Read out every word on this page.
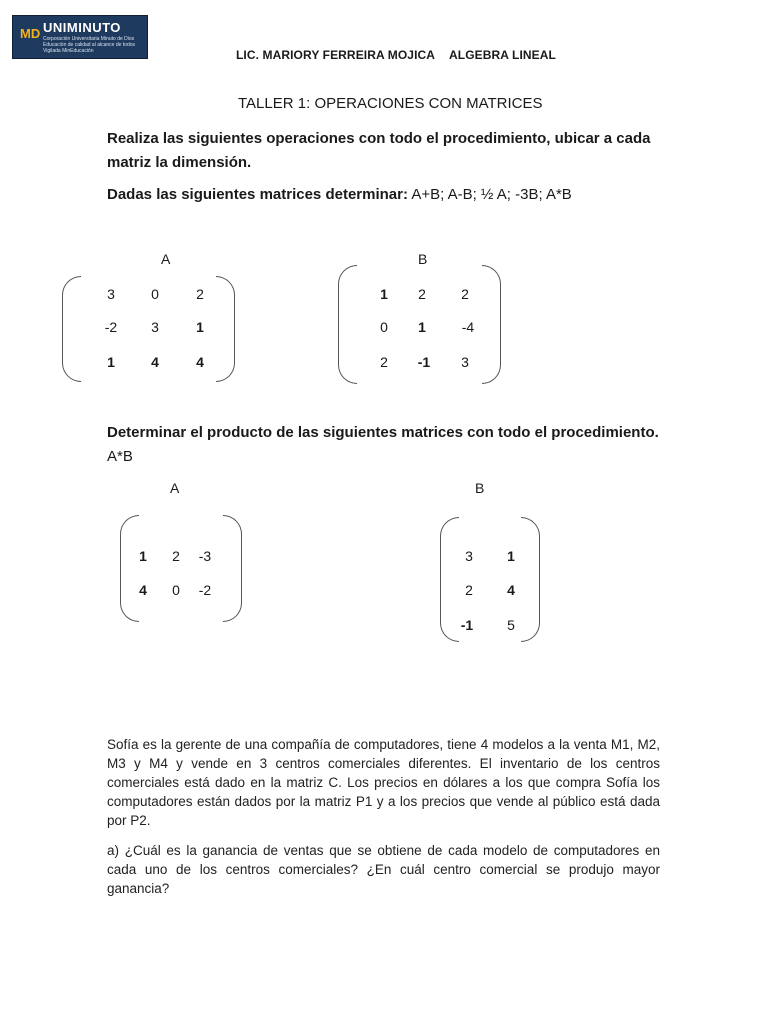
MD UNIMINUTO
Corporación Universitaria Minuto de Dios
Educación de calidad al alcance de todos
Vigilada MinEducación	LIC. MARIORY FERREIRA MOJICA ALGEBRA LINEAL
TALLER 1: OPERACIONES CON MATRICES
Realiza las siguientes operaciones con todo el procedimiento, ubicar a cada matriz la dimensión.
Dadas las siguientes matrices determinar: A+B; A-B; ½ A; -3B; A*B
A
3	0	2
-2	3	1
1	4	4
B
1	2	2
0	1	-4
2	-1	3
Determinar el producto de las siguientes matrices con todo el procedimiento.
A*B
A
1	2	-3
4	0	-2
B
3	1
2	4
-1	5
Sofía es la gerente de una compañía de computadores, tiene 4 modelos a la venta M1, M2, M3 y M4 y vende en 3 centros comerciales diferentes. El inventario de los centros comerciales está dado en la matriz C. Los precios en dólares a los que compra Sofía los computadores están dados por la matriz P1 y a los precios que vende al público está dada por P2.
a) ¿Cuál es la ganancia de ventas que se obtiene de cada modelo de computadores en cada uno de los centros comerciales? ¿En cuál centro comercial se produjo mayor ganancia?
